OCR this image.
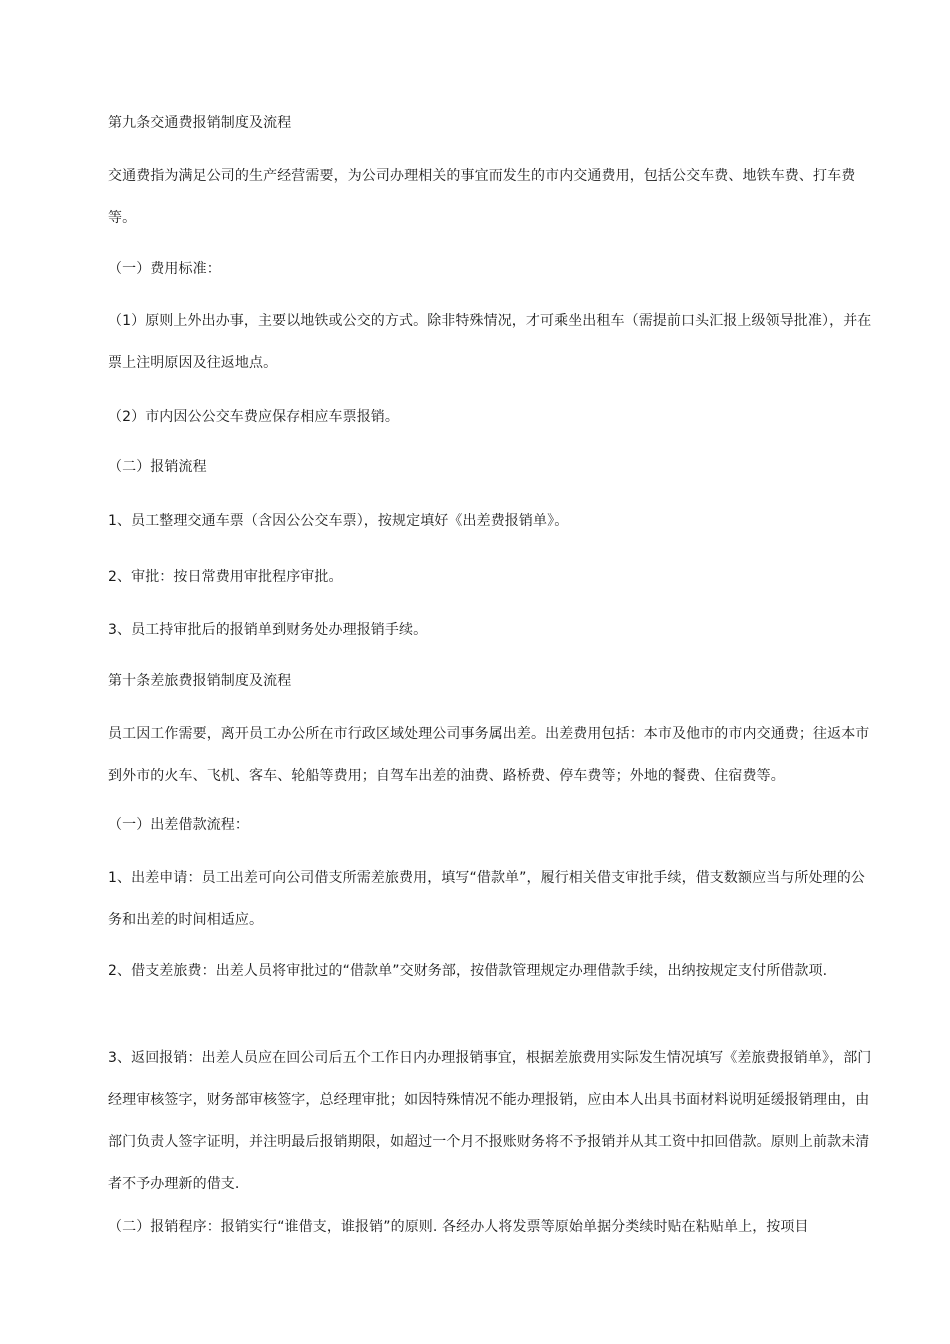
第九条交通费报销制度及流程

交通费指为满足公司的生产经营需要，为公司办理相关的事宜而发生的市内交通费用，包括公交车费、地铁车费、打车费等。

（一）费用标准：

（1）原则上外出办事，主要以地铁或公交的方式。除非特殊情况，才可乘坐出租车（需提前口头汇报上级领导批准），并在票上注明原因及往返地点。

（2）市内因公公交车费应保存相应车票报销。

（二）报销流程

1、员工整理交通车票（含因公公交车票），按规定填好《出差费报销单》。

2、审批：按日常费用审批程序审批。

3、员工持审批后的报销单到财务处办理报销手续。

第十条差旅费报销制度及流程

员工因工作需要，离开员工办公所在市行政区域处理公司事务属出差。出差费用包括：本市及他市的市内交通费；往返本市到外市的火车、飞机、客车、轮船等费用；自驾车出差的油费、路桥费、停车费等；外地的餐费、住宿费等。

（一）出差借款流程：

1、出差申请：员工出差可向公司借支所需差旅费用，填写“借款单”，履行相关借支审批手续，借支数额应当与所处理的公务和出差的时间相适应。

2、借支差旅费：出差人员将审批过的“借款单”交财务部，按借款管理规定办理借款手续，出纳按规定支付所借款项.

3、返回报销：出差人员应在回公司后五个工作日内办理报销事宜，根据差旅费用实际发生情况填写《差旅费报销单》，部门经理审核签字，财务部审核签字，总经理审批；如因特殊情况不能办理报销，应由本人出具书面材料说明延缓报销理由，由部门负责人签字证明，并注明最后报销期限，如超过一个月不报账财务将不予报销并从其工资中扣回借款。原则上前款未清者不予办理新的借支.

（二）报销程序：报销实行“谁借支，谁报销”的原则. 各经办人将发票等原始单据分类续时贴在粘贴单上，按项目
